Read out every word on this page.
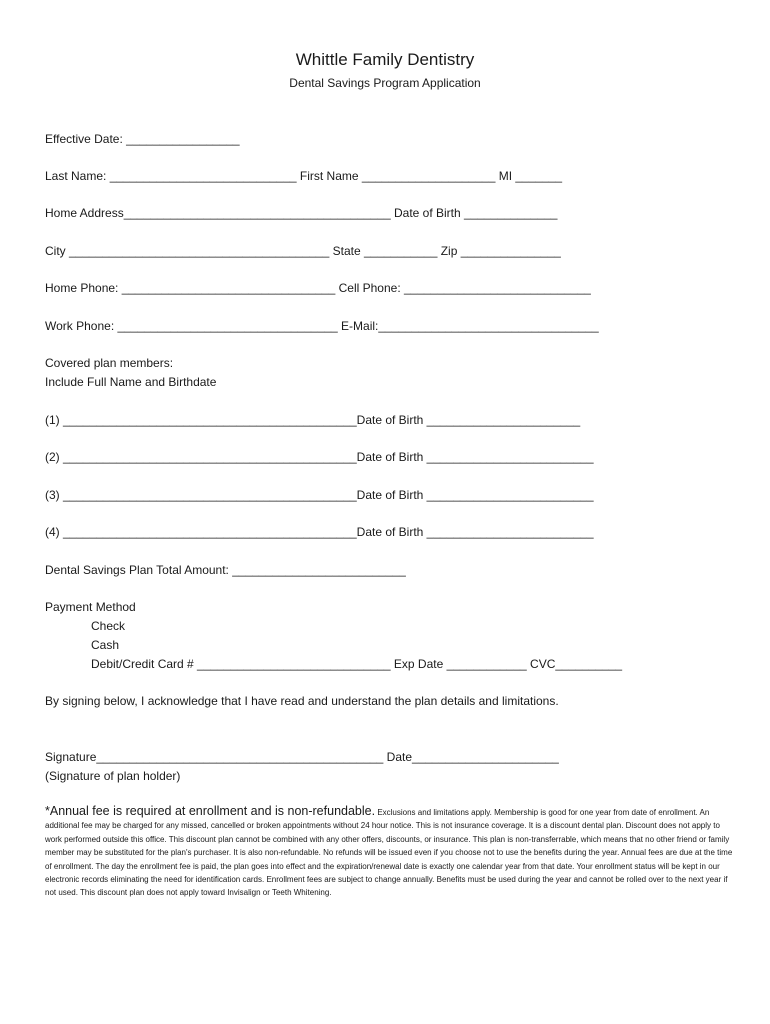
Whittle Family Dentistry
Dental Savings Program Application
Effective Date: _________________
Last Name: ____________________________ First Name ____________________ MI _______
Home Address________________________________________ Date of Birth ______________
City _______________________________________ State ___________ Zip _______________
Home Phone: ________________________________ Cell Phone: ____________________________
Work Phone: _________________________________ E-Mail:_________________________________
Covered plan members:
Include Full Name and Birthdate
(1) ____________________________________________Date of Birth _______________________
(2) ____________________________________________Date of Birth _________________________
(3) ____________________________________________Date of Birth _________________________
(4) ____________________________________________Date of Birth _________________________
Dental Savings Plan Total Amount: __________________________
Payment Method
Check
Cash
Debit/Credit Card # _____________________________ Exp Date ____________ CVC__________
By signing below, I acknowledge that I have read and understand the plan details and limitations.
Signature___________________________________________ Date______________________
(Signature of plan holder)
*Annual fee is required at enrollment and is non-refundable. Exclusions and limitations apply. Membership is good for one year from date of enrollment. An additional fee may be charged for any missed, cancelled or broken appointments without 24 hour notice. This is not insurance coverage. It is a discount dental plan. Discount does not apply to work performed outside this office. This discount plan cannot be combined with any other offers, discounts, or insurance. This plan is non-transferrable, which means that no other friend or family member may be substituted for the plan's purchaser. It is also non-refundable. No refunds will be issued even if you choose not to use the benefits during the year. Annual fees are due at the time of enrollment. The day the enrollment fee is paid, the plan goes into effect and the expiration/renewal date is exactly one calendar year from that date. Your enrollment status will be kept in our electronic records eliminating the need for identification cards. Enrollment fees are subject to change annually. Benefits must be used during the year and cannot be rolled over to the next year if not used. This discount plan does not apply toward Invisalign or Teeth Whitening.
